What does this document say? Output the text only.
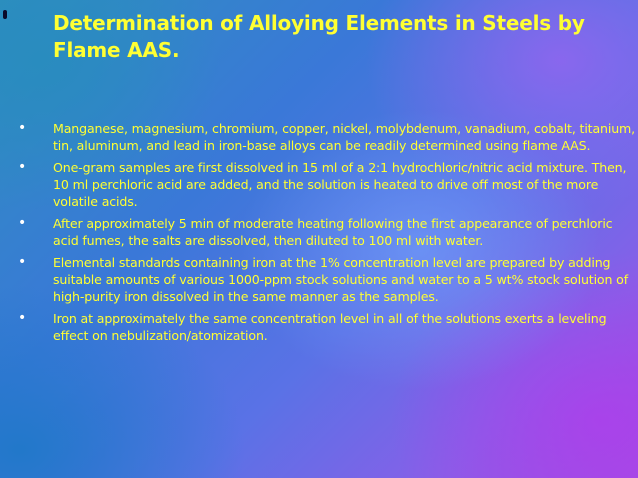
Determination of Alloying Elements in Steels by Flame AAS.
•	Manganese, magnesium, chromium, copper, nickel, molybdenum, vanadium, cobalt, titanium, tin, aluminum, and lead in iron-base alloys can be readily determined using flame AAS.
•	One-gram samples are first dissolved in 15 ml of a 2:1 hydrochloric/nitric acid mixture. Then, 10 ml perchloric acid are added, and the solution is heated to drive off most of the more volatile acids.
•	After approximately 5 min of moderate heating following the first appearance of perchloric acid fumes, the salts are dissolved, then diluted to 100 ml with water.
•	Elemental standards containing iron at the 1% concentration level are prepared by adding suitable amounts of various 1000-ppm stock solutions and water to a 5 wt% stock solution of high-purity iron dissolved in the same manner as the samples.
•	Iron at approximately the same concentration level in all of the solutions exerts a leveling effect on nebulization/atomization.
